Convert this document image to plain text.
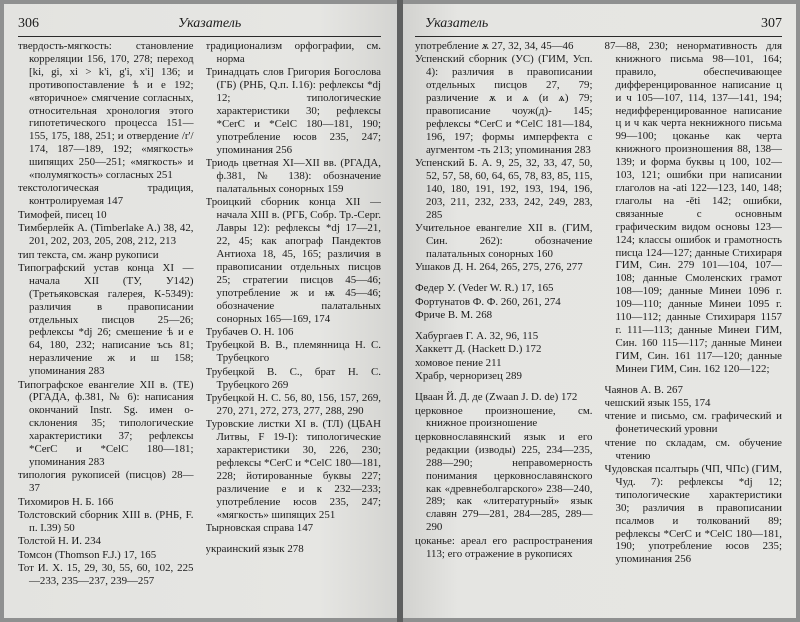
306	Указатель

твердость-мягкость: становление корреляции 156, 170, 278; переход [ki, gi, xi > k'i, g'i, x'i] 136; и противопоставление ѣ и е 192; «вторичное» смягчение согласных, относительная хронология этого гипотетического процесса 151—155, 175, 188, 251; и отвердение /r'/ 174, 187—189, 192; «мягкость» шипящих 250—251; «мягкость» и «полумягкость» согласных 251

текстологическая традиция, контролируемая 147

Тимофей, писец 10

Тимберлейк А. (Timberlake A.) 38, 42, 201, 202, 203, 205, 208, 212, 213

тип текста, см. жанр рукописи

Типографский устав конца XI — начала XII (ТУ, У142) (Третьяковская галерея, К-5349): различия в правописании отдельных писцов 25—26; рефлексы *dj 26; смешение ѣ и е 64, 180, 232; написание ъсь 81; неразличение ж и ш 158; упоминания 283

Типографское евангелие XII в. (ТЕ) (РГАДА, ф.381, № 6): написания окончаний Instr. Sg. имен o-склонения 35; типологические характеристики 37; рефлексы *CerC и *CelC 180—181; упоминания 283

типология рукописей (писцов) 28—37

Тихомиров Н. Б. 166

Толстовский сборник XIII в. (РНБ, F. п. I.39) 50

Толстой Н. И. 234

Томсон (Thomson F.J.) 17, 165

Тот И. Х. 15, 29, 30, 55, 60, 102, 225—233, 235—237, 239—257

традиционализм орфографии, см. норма

Тринадцать слов Григория Богослова (ГБ) (РНБ, Q.п. I.16): рефлексы *dj 12; типологические характеристики 30; рефлексы *CerC и *CelC 180—181, 190; употребление юсов 235, 247; упоминания 256

Триодь цветная XI—XII вв. (РГАДА, ф.381, № 138): обозначение палатальных сонорных 159

Троицкий сборник конца XII — начала XIII в. (РГБ, Собр. Тр.-Серг. Лавры 12): рефлексы *dj 17—21, 22, 45; как апограф Пандектов Антиоха 18, 45, 165; различия в правописании отдельных писцов 25; стратегии писцов 45—46; употребление ж и ѭ 45—46; обозначение палатальных сонорных 165—169, 174

Трубачев О. Н. 106

Трубецкой В. В., племянница Н. С. Трубецкого

Трубецкой В. С., брат Н. С. Трубецкого 269

Трубецкой Н. С. 56, 80, 156, 157, 269, 270, 271, 272, 273, 277, 288, 290

Туровские листки XI в. (ТЛ) (ЦБАН Литвы, F 19-I): типологические характеристики 30, 226, 230; рефлексы *CerC и *CelC 180—181, 228; йотированные буквы 227; различение е и к 232—233; употребление юсов 235, 247; «мягкость» шипящих 251

Тырновская справа 147

украинский язык 278

Указатель	307

употребление ѫ 27, 32, 34, 45—46

Успенский сборник (УС) (ГИМ, Усп. 4): различия в правописании отдельных писцов 27, 79; различение ѫ и ѧ (и ѧ) 79; правописание чоуж(д)- 145; рефлексы *CerC и *CelC 181—184, 196, 197; формы имперфекта с аугментом -ть 213; упоминания 283

Успенский Б. А. 9, 25, 32, 33, 47, 50, 52, 57, 58, 60, 64, 65, 78, 83, 85, 115, 140, 180, 191, 192, 193, 194, 196, 203, 211, 232, 233, 242, 249, 283, 285

Учительное евангелие XII в. (ГИМ, Син. 262): обозначение палатальных сонорных 160

Ушаков Д. Н. 264, 265, 275, 276, 277

Федер У. (Veder W. R.) 17, 165

Фортунатов Ф. Ф. 260, 261, 274

Фриче В. М. 268

Хабургаев Г. А. 32, 96, 115

Хаккетт Д. (Hackett D.) 172

хомовое пение 211

Храбр, черноризец 289

Цваан Й. Д. де (Zwaan J. D. de) 172

церковное произношение, см. книжное произношение

церковнославянский язык и его редакции (изводы) 225, 234—235, 288—290; неправомерность понимания церковнославянского как «древнеболгарского» 238—240, 289; как «литературный» язык славян 279—281, 284—285, 289—290

цоканье: ареал его распространения 113; его отражение в рукописях

87—88, 230; ненормативность для книжного письма 98—101, 164; правило, обеспечивающее дифференцированное написание ц и ч 105—107, 114, 137—141, 194; недифференцированное написание ц и ч как черта некнижного письма 99—100; цоканье как черта книжного произношения 88, 138—139; и форма буквы ц 100, 102—103, 121; ошибки при написании глаголов на -ati 122—123, 140, 148; глаголы на -ěti 142; ошибки, связанные с основным графическим видом основы 123—124; классы ошибок и грамотность писца 124—127; данные Стихираря ГИМ, Син. 279 101—104, 107—108; данные Смоленских грамот 108—109; данные Минеи 1096 г. 109—110; данные Минеи 1095 г. 110—112; данные Стихираря 1157 г. 111—113; данные Минеи ГИМ, Син. 160 115—117; данные Минеи ГИМ, Син. 161 117—120; данные Минеи ГИМ, Син. 162 120—122;

Чаянов А. В. 267

чешский язык 155, 174

чтение и письмо, см. графический и фонетический уровни

чтение по складам, см. обучение чтению

Чудовская псалтырь (ЧП, ЧПс) (ГИМ, Чуд. 7): рефлексы *dj 12; типологические характеристики 30; различия в правописании псалмов и толкований 89; рефлексы *CerC и *CelC 180—181, 190; употребление юсов 235; упоминания 256
